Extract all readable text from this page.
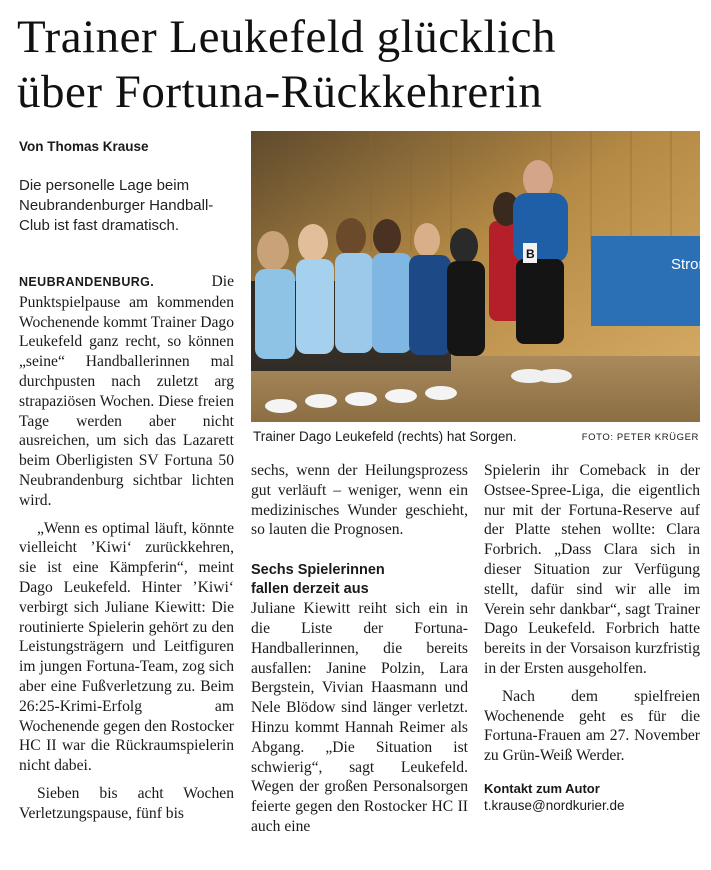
Trainer Leukefeld glücklich
über Fortuna-Rückkehrerin
Von Thomas Krause
Die personelle Lage beim Neubrandenburger Handball-Club ist fast dramatisch.

NEUBRANDENBURG.	Die Punktspielpause am kommenden Wochenende kommt Trainer Dago Leukefeld ganz recht, so können „seine“ Handballerinnen mal durchpusten nach zuletzt arg strapaziösen Wochen. Diese freien Tage werden aber nicht ausreichen, um sich das Lazarett beim Oberligisten SV Fortuna 50 Neubrandenburg sichtbar lichten wird.

„Wenn es optimal läuft, könnte vielleicht ’Kiwi‘ zurückkehren, sie ist eine Kämpferin“, meint Dago Leukefeld. Hinter ’Kiwi‘ verbirgt sich Juliane Kiewitt: Die routinierte Spielerin gehört zu den Leistungsträgern und Leitfiguren im jungen Fortuna-Team, zog sich aber eine Fußverletzung zu. Beim 26:25-Krimi-Erfolg am Wochenende gegen den Rostocker HC II war die Rückraumspielerin nicht dabei.

Sieben bis acht Wochen Verletzungspause, fünf bis

Strom
B
Trainer Dago Leukefeld (rechts) hat Sorgen.	FOTO: PETER KRÜGER

sechs, wenn der Heilungsprozess gut verläuft – weniger, wenn ein medizinisches Wunder geschieht, so lauten die Prognosen.

Sechs Spielerinnen
fallen derzeit aus

Juliane Kiewitt reiht sich ein in die Liste der Fortuna-Handballerinnen, die bereits ausfallen: Janine Polzin, Lara Bergstein, Vivian Haasmann und Nele Blödow sind länger verletzt. Hinzu kommt Hannah Reimer als Abgang. „Die Situation ist schwierig“, sagt Leukefeld. Wegen der großen Personalsorgen feierte gegen den Rostocker HC II auch eine

Spielerin ihr Comeback in der Ostsee-Spree-Liga, die eigentlich nur mit der Fortuna-Reserve auf der Platte stehen wollte: Clara Forbrich. „Dass Clara sich in dieser Situation zur Verfügung stellt, dafür sind wir alle im Verein sehr dankbar“, sagt Trainer Dago Leukefeld. Forbrich hatte bereits in der Vorsaison kurzfristig in der Ersten ausgeholfen.

Nach dem spielfreien Wochenende geht es für die Fortuna-Frauen am 27. November zu Grün-Weiß Werder.

Kontakt zum Autor
t.krause@nordkurier.de
